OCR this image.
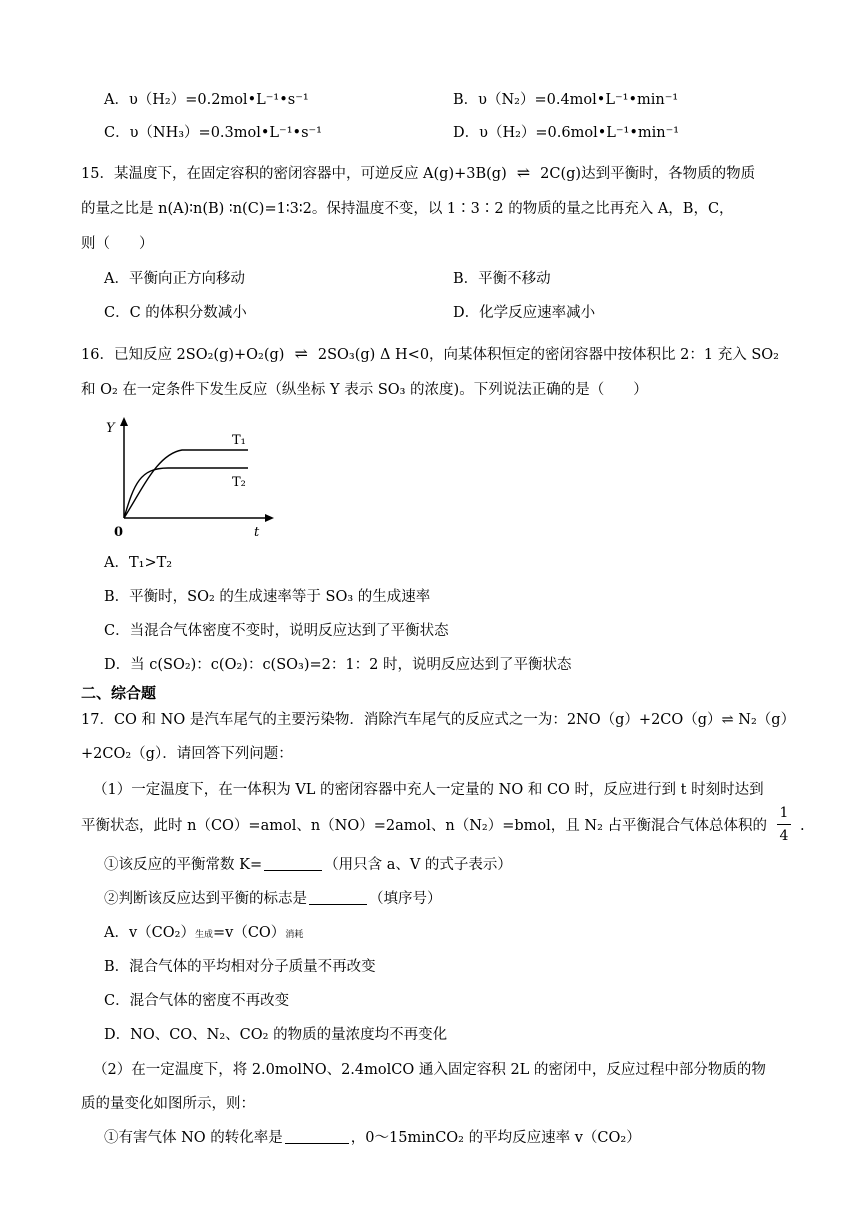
A．υ（H₂）=0.2mol•L⁻¹•s⁻¹	B．υ（N₂）=0.4mol•L⁻¹•min⁻¹
C．υ（NH₃）=0.3mol•L⁻¹•s⁻¹	D．υ（H₂）=0.6mol•L⁻¹•min⁻¹
15．某温度下，在固定容积的密闭容器中，可逆反应 A(g)+3B(g) ⇌ 2C(g)达到平衡时，各物质的物质
的量之比是 n(A)∶n(B) ∶n(C)=1∶3∶2。保持温度不变，以 1∶3∶2 的物质的量之比再充入 A，B，C，
则（　　）
A．平衡向正方向移动	B．平衡不移动
C．C 的体积分数减小	D．化学反应速率减小
16．已知反应 2SO₂(g)+O₂(g) ⇌ 2SO₃(g) Δ H<0，向某体积恒定的密闭容器中按体积比 2：1 充入 SO₂
和 O₂ 在一定条件下发生反应（纵坐标 Y 表示 SO₃ 的浓度)。下列说法正确的是（　　）
Y
t
0
T₁
T₂
A．T₁>T₂
B．平衡时，SO₂ 的生成速率等于 SO₃ 的生成速率
C．当混合气体密度不变时，说明反应达到了平衡状态
D．当 c(SO₂)：c(O₂)：c(SO₃)=2：1：2 时，说明反应达到了平衡状态
二、综合题
17．CO 和 NO 是汽车尾气的主要污染物．消除汽车尾气的反应式之一为：2NO（g）+2CO（g）⇌ N₂（g）
+2CO₂（g）．请回答下列问题：
（1）一定温度下，在一体积为 VL 的密闭容器中充人一定量的 NO 和 CO 时，反应进行到 t 时刻时达到
平衡状态，此时 n（CO）=amol、n（NO）=2amol、n（N₂）=bmol，且 N₂ 占平衡混合气体总体积的
1
4
.
①该反应的平衡常数 K=	（用只含 a、V 的式子表示）
②判断该反应达到平衡的标志是	（填序号）
A．v（CO₂）生成=v（CO）消耗
B．混合气体的平均相对分子质量不再改变
C．混合气体的密度不再改变
D．NO、CO、N₂、CO₂ 的物质的量浓度均不再变化
（2）在一定温度下，将 2.0molNO、2.4molCO 通入固定容积 2L 的密闭中，反应过程中部分物质的物
质的量变化如图所示，则：
①有害气体 NO 的转化率是	，0～15minCO₂ 的平均反应速率 v（CO₂）
